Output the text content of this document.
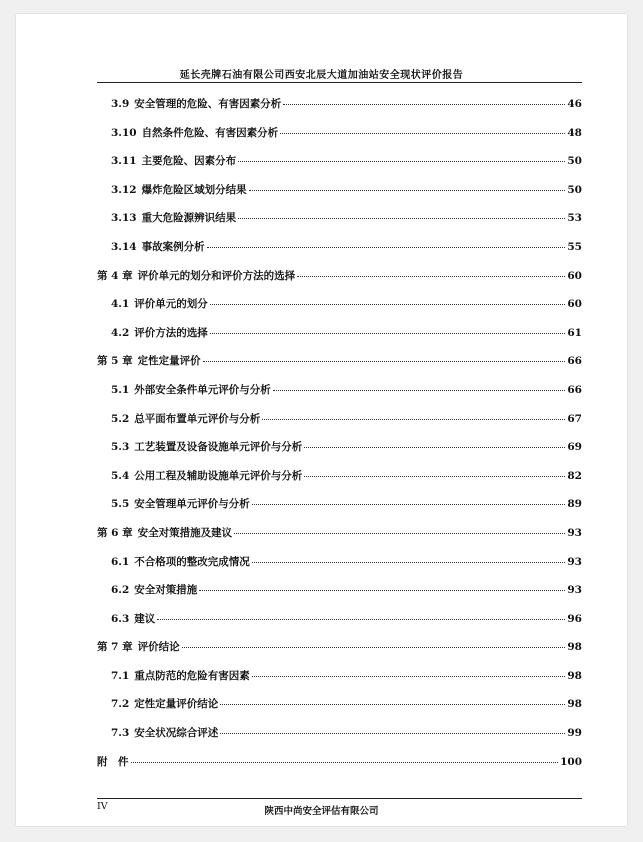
延长壳牌石油有限公司西安北辰大道加油站安全现状评价报告
3.9 安全管理的危险、有害因素分析	46
3.10 自然条件危险、有害因素分析	48
3.11 主要危险、因素分布	50
3.12 爆炸危险区域划分结果	50
3.13 重大危险源辨识结果	53
3.14 事故案例分析	55
第 4 章 评价单元的划分和评价方法的选择	60
4.1 评价单元的划分	60
4.2 评价方法的选择	61
第 5 章 定性定量评价	66
5.1 外部安全条件单元评价与分析	66
5.2 总平面布置单元评价与分析	67
5.3 工艺装置及设备设施单元评价与分析	69
5.4 公用工程及辅助设施单元评价与分析	82
5.5 安全管理单元评价与分析	89
第 6 章 安全对策措施及建议	93
6.1 不合格项的整改完成情况	93
6.2 安全对策措施	93
6.3 建议	96
第 7 章 评价结论	98
7.1 重点防范的危险有害因素	98
7.2 定性定量评价结论	98
7.3 安全状况综合评述	99
附　件	100
IV	陕西中尚安全评估有限公司
